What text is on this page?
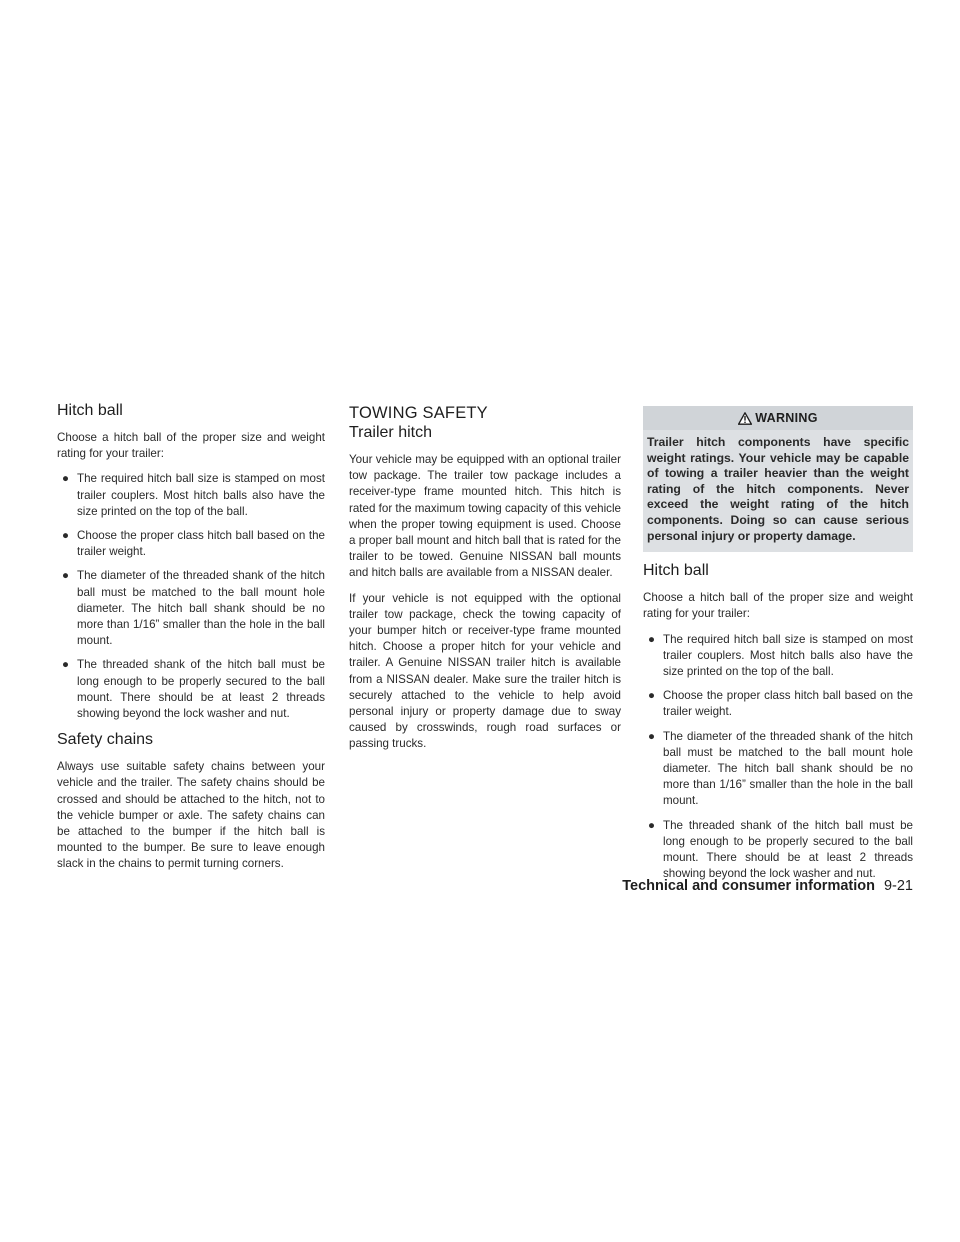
Hitch ball

Choose a hitch ball of the proper size and weight rating for your trailer:

● The required hitch ball size is stamped on most trailer couplers. Most hitch balls also have the size printed on the top of the ball.
● Choose the proper class hitch ball based on the trailer weight.
● The diameter of the threaded shank of the hitch ball must be matched to the ball mount hole diameter. The hitch ball shank should be no more than 1/16” smaller than the hole in the ball mount.
● The threaded shank of the hitch ball must be long enough to be properly secured to the ball mount. There should be at least 2 threads showing beyond the lock washer and nut.
Safety chains

Always use suitable safety chains between your vehicle and the trailer. The safety chains should be crossed and should be attached to the hitch, not to the vehicle bumper or axle. The safety chains can be attached to the bumper if the hitch ball is mounted to the bumper. Be sure to leave enough slack in the chains to permit turning corners.

TOWING SAFETY
Trailer hitch

Your vehicle may be equipped with an optional trailer tow package. The trailer tow package includes a receiver-type frame mounted hitch. This hitch is rated for the maximum towing capacity of this vehicle when the proper towing equipment is used. Choose a proper ball mount and hitch ball that is rated for the trailer to be towed. Genuine NISSAN ball mounts and hitch balls are available from a NISSAN dealer.

If your vehicle is not equipped with the optional trailer tow package, check the towing capacity of your bumper hitch or receiver-type frame mounted hitch. Choose a proper hitch for your vehicle and trailer. A Genuine NISSAN trailer hitch is available from a NISSAN dealer. Make sure the trailer hitch is securely attached to the vehicle to help avoid personal injury or property damage due to sway caused by crosswinds, rough road surfaces or passing trucks.

WARNING
Trailer hitch components have specific weight ratings. Your vehicle may be capable of towing a trailer heavier than the weight rating of the hitch components. Never exceed the weight rating of the hitch components. Doing so can cause serious personal injury or property damage.
Hitch ball

Choose a hitch ball of the proper size and weight rating for your trailer:

● The required hitch ball size is stamped on most trailer couplers. Most hitch balls also have the size printed on the top of the ball.
● Choose the proper class hitch ball based on the trailer weight.
● The diameter of the threaded shank of the hitch ball must be matched to the ball mount hole diameter. The hitch ball shank should be no more than 1/16” smaller than the hole in the ball mount.
● The threaded shank of the hitch ball must be long enough to be properly secured to the ball mount. There should be at least 2 threads showing beyond the lock washer and nut.
Technical and consumer information 9-21
